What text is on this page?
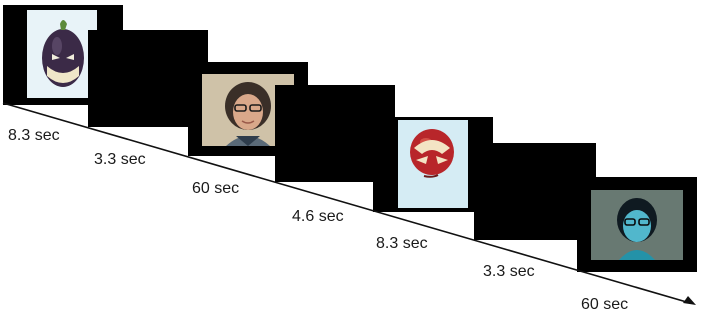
8.3 sec
3.3 sec
60 sec
4.6 sec
8.3 sec
3.3 sec
60 sec
